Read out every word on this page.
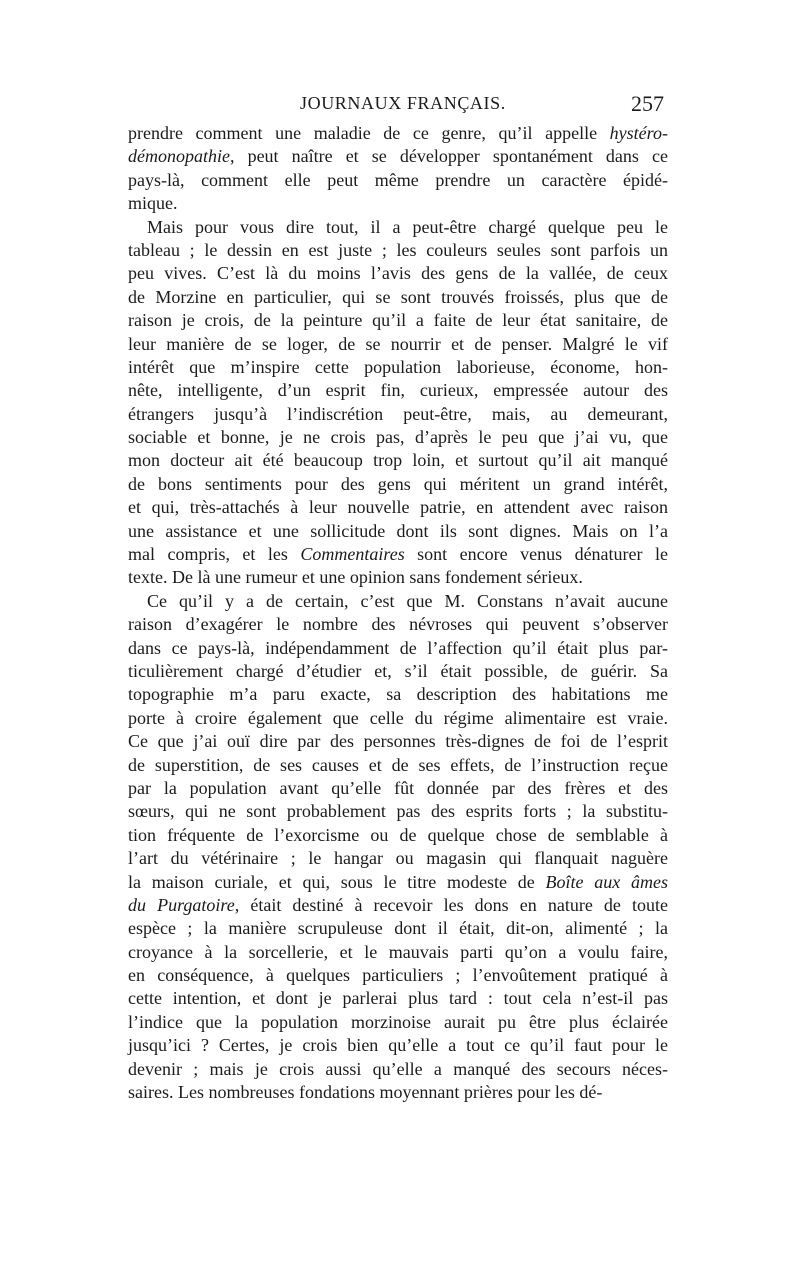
JOURNAUX FRANÇAIS.	257
prendre comment une maladie de ce genre, qu’il appelle hystéro-
démonopathie, peut naître et se développer spontanément dans ce
pays-là, comment elle peut même prendre un caractère épidé-
mique.
Mais pour vous dire tout, il a peut-être chargé quelque peu le
tableau ; le dessin en est juste ; les couleurs seules sont parfois un
peu vives. C’est là du moins l’avis des gens de la vallée, de ceux
de Morzine en particulier, qui se sont trouvés froissés, plus que de
raison je crois, de la peinture qu’il a faite de leur état sanitaire, de
leur manière de se loger, de se nourrir et de penser. Malgré le vif
intérêt que m’inspire cette population laborieuse, économe, hon-
nête, intelligente, d’un esprit fin, curieux, empressée autour des
étrangers jusqu’à l’indiscrétion peut-être, mais, au demeurant,
sociable et bonne, je ne crois pas, d’après le peu que j’ai vu, que
mon docteur ait été beaucoup trop loin, et surtout qu’il ait manqué
de bons sentiments pour des gens qui méritent un grand intérêt,
et qui, très-attachés à leur nouvelle patrie, en attendent avec raison
une assistance et une sollicitude dont ils sont dignes. Mais on l’a
mal compris, et les Commentaires sont encore venus dénaturer le
texte. De là une rumeur et une opinion sans fondement sérieux.
Ce qu’il y a de certain, c’est que M. Constans n’avait aucune
raison d’exagérer le nombre des névroses qui peuvent s’observer
dans ce pays-là, indépendamment de l’affection qu’il était plus par-
ticulièrement chargé d’étudier et, s’il était possible, de guérir. Sa
topographie m’a paru exacte, sa description des habitations me
porte à croire également que celle du régime alimentaire est vraie.
Ce que j’ai ouï dire par des personnes très-dignes de foi de l’esprit
de superstition, de ses causes et de ses effets, de l’instruction reçue
par la population avant qu’elle fût donnée par des frères et des
sœurs, qui ne sont probablement pas des esprits forts ; la substitu-
tion fréquente de l’exorcisme ou de quelque chose de semblable à
l’art du vétérinaire ; le hangar ou magasin qui flanquait naguère
la maison curiale, et qui, sous le titre modeste de Boîte aux âmes
du Purgatoire, était destiné à recevoir les dons en nature de toute
espèce ; la manière scrupuleuse dont il était, dit-on, alimenté ; la
croyance à la sorcellerie, et le mauvais parti qu’on a voulu faire,
en conséquence, à quelques particuliers ; l’envoûtement pratiqué à
cette intention, et dont je parlerai plus tard : tout cela n’est-il pas
l’indice que la population morzinoise aurait pu être plus éclairée
jusqu’ici ? Certes, je crois bien qu’elle a tout ce qu’il faut pour le
devenir ; mais je crois aussi qu’elle a manqué des secours néces-
saires. Les nombreuses fondations moyennant prières pour les dé-
